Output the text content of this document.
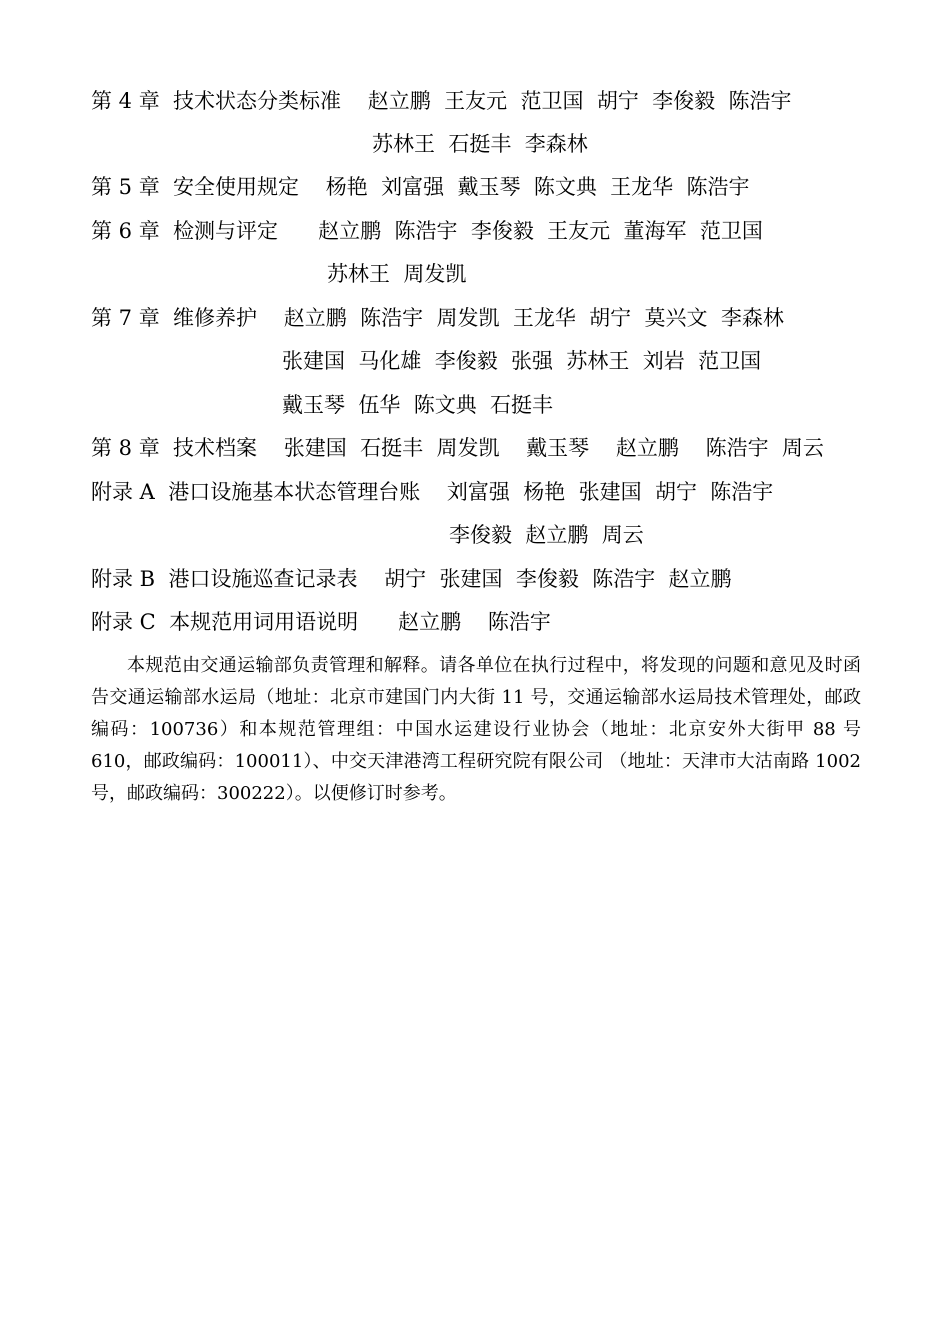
第 4 章  技术状态分类标准    赵立鹏  王友元  范卫国  胡宁  李俊毅  陈浩宇
苏林王  石挺丰  李森林
第 5 章  安全使用规定    杨艳  刘富强  戴玉琴  陈文典  王龙华  陈浩宇
第 6 章  检测与评定      赵立鹏  陈浩宇  李俊毅  王友元  董海军  范卫国
苏林王  周发凯
第 7 章  维修养护    赵立鹏  陈浩宇  周发凯  王龙华  胡宁  莫兴文  李森林
张建国  马化雄  李俊毅  张强  苏林王  刘岩  范卫国
戴玉琴  伍华  陈文典  石挺丰
第 8 章  技术档案    张建国  石挺丰  周发凯    戴玉琴    赵立鹏    陈浩宇  周云
附录 A  港口设施基本状态管理台账    刘富强  杨艳  张建国  胡宁  陈浩宇
李俊毅  赵立鹏  周云
附录 B  港口设施巡查记录表    胡宁  张建国  李俊毅  陈浩宇  赵立鹏
附录 C  本规范用词用语说明      赵立鹏    陈浩宇
本规范由交通运输部负责管理和解释。请各单位在执行过程中，将发现的问题和意见及时函告交通运输部水运局（地址：北京市建国门内大街 11 号，交通运输部水运局技术管理处，邮政编码：100736）和本规范管理组：中国水运建设行业协会（地址：北京安外大街甲 88 号 610，邮政编码：100011）、中交天津港湾工程研究院有限公司 （地址：天津市大沽南路 1002 号，邮政编码：300222）。以便修订时参考。
